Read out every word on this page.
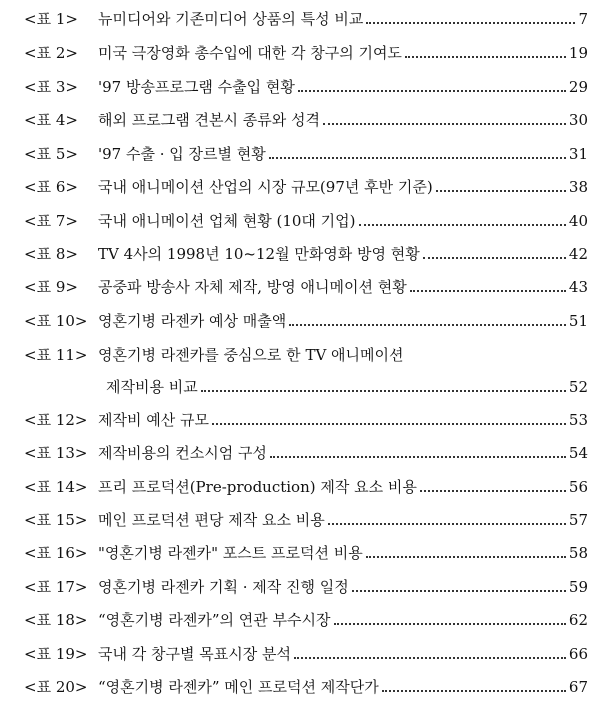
<표 1> 뉴미디어와 기존미디어 상품의 특성 비교	7
<표 2> 미국 극장영화 총수입에 대한 각 창구의 기여도	19
<표 3> '97 방송프로그램 수출입 현황	29
<표 4> 해외 프로그램 견본시 종류와 성격	30
<표 5> '97 수출 · 입 장르별 현황	31
<표 6> 국내 애니메이션 산업의 시장 규모(97년 후반 기준)	38
<표 7> 국내 애니메이션 업체 현황 (10대 기업)	40
<표 8> TV 4사의 1998년 10~12월 만화영화 방영 현황	42
<표 9> 공중파 방송사 자체 제작, 방영 애니메이션 현황	43
<표 10> 영혼기병 라젠카 예상 매출액	51
<표 11> 영혼기병 라젠카를 중심으로 한 TV 애니메이션
제작비용 비교	52
<표 12> 제작비 예산 규모	53
<표 13> 제작비용의 컨소시엄 구성	54
<표 14> 프리 프로덕션(Pre-production) 제작 요소 비용	56
<표 15> 메인 프로덕션 편당 제작 요소 비용	57
<표 16> "영혼기병 라젠카" 포스트 프로덕션 비용	58
<표 17> 영혼기병 라젠카 기획 · 제작 진행 일정	59
<표 18> “영혼기병 라젠카”의 연관 부수시장	62
<표 19> 국내 각 창구별 목표시장 분석	66
<표 20> “영혼기병 라젠카” 메인 프로덕션 제작단가	67
